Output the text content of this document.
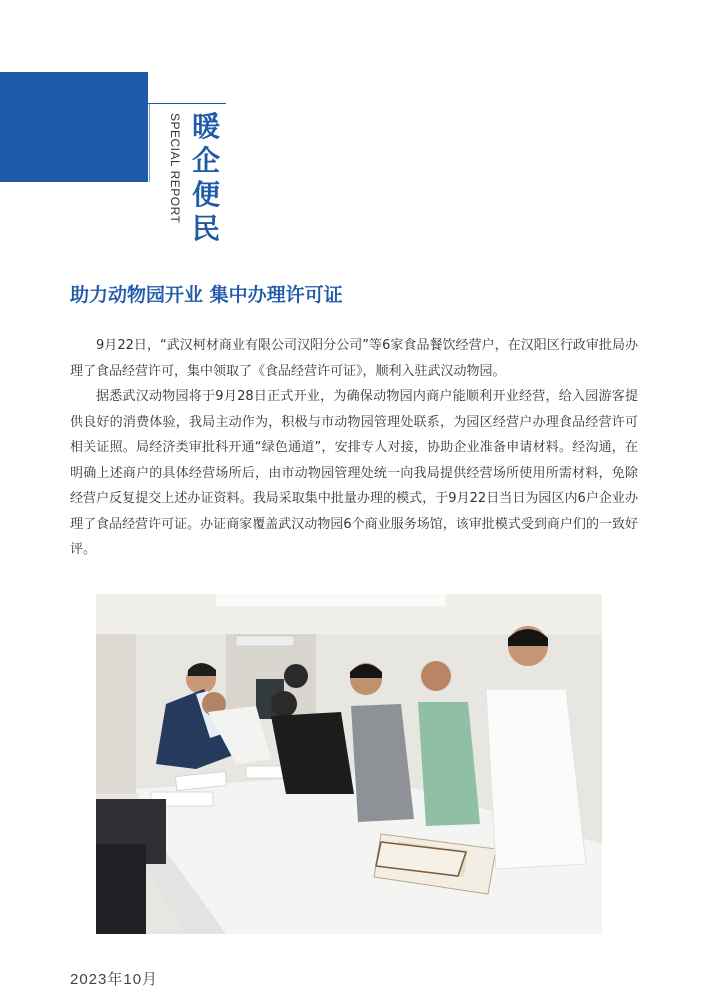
SPECIAL REPORT 暖企便民
助力动物园开业 集中办理许可证

9月22日，“武汉柯材商业有限公司汉阳分公司”等6家食品餐饮经营户，在汉阳区行政审批局办理了食品经营许可，集中领取了《食品经营许可证》，顺利入驻武汉动物园。

据悉武汉动物园将于9月28日正式开业，为确保动物园内商户能顺利开业经营，给入园游客提供良好的消费体验，我局主动作为，积极与市动物园管理处联系，为园区经营户办理食品经营许可相关证照。局经济类审批科开通“绿色通道”，安排专人对接，协助企业准备申请材料。经沟通，在明确上述商户的具体经营场所后，由市动物园管理处统一向我局提供经营场所使用所需材料，免除经营户反复提交上述办证资料。我局采取集中批量办理的模式，于9月22日当日为园区内6户企业办理了食品经营许可证。办证商家覆盖武汉动物园6个商业服务场馆，该审批模式受到商户们的一致好评。

2023年10月
